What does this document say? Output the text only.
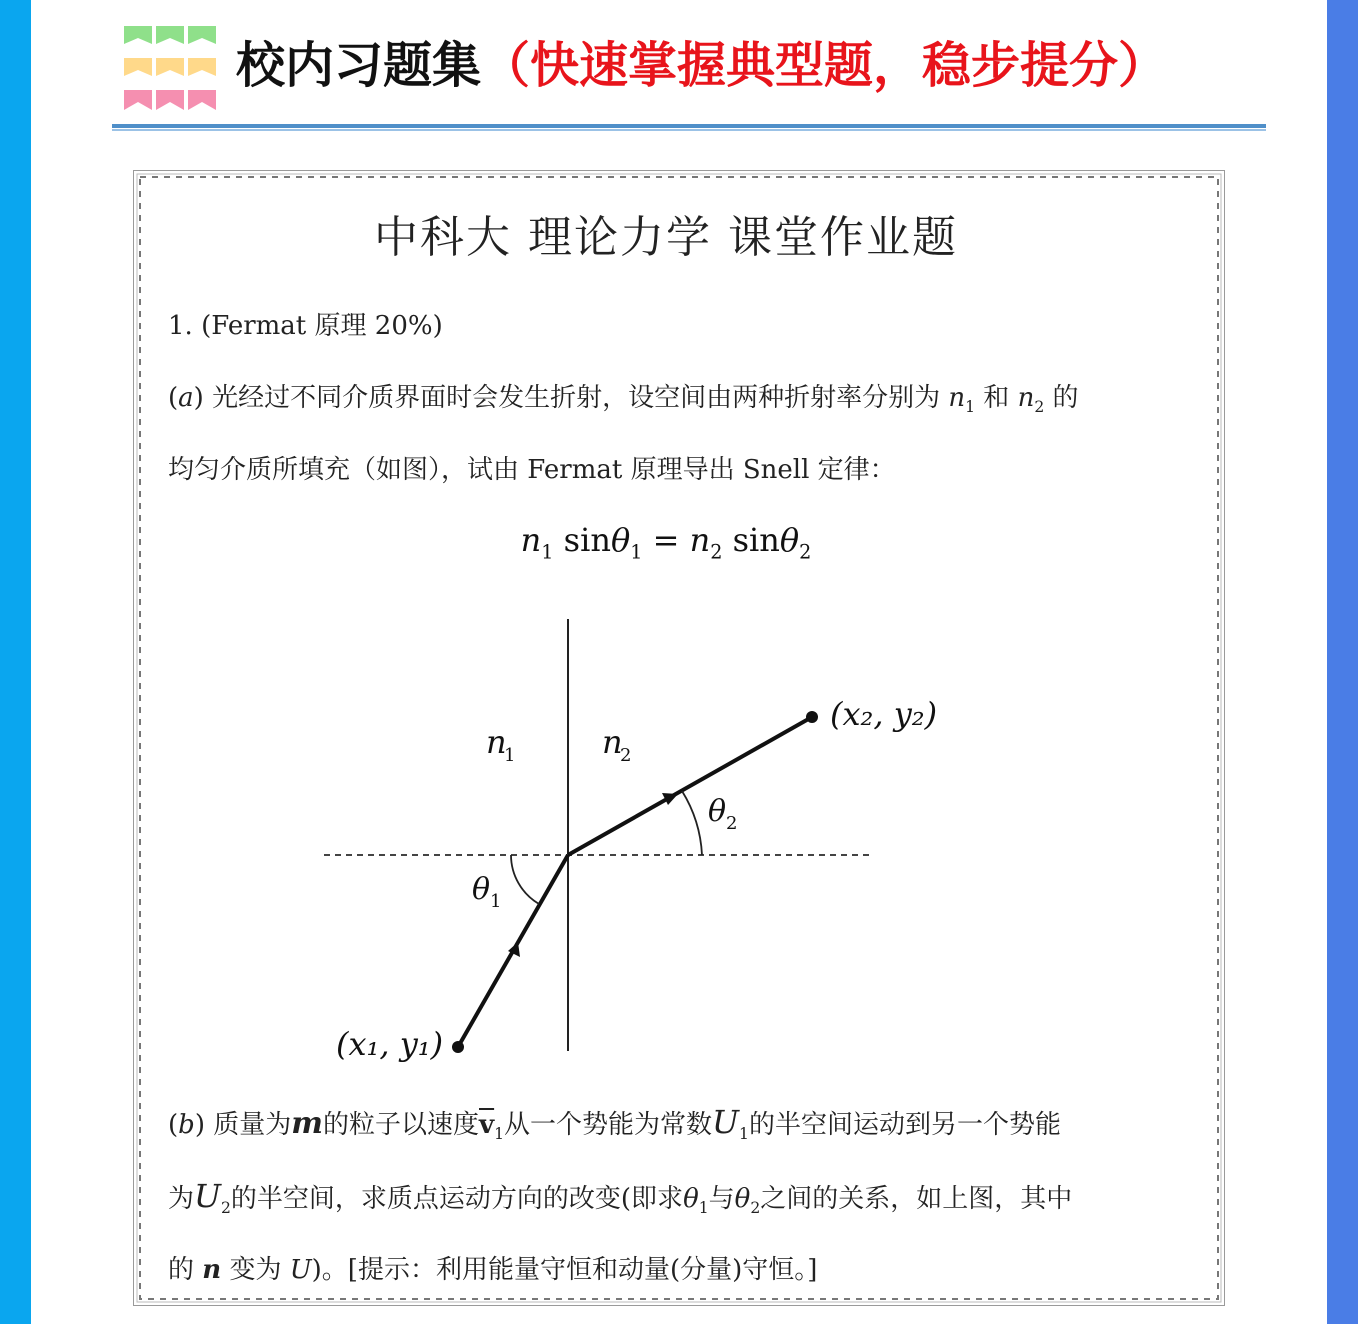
校内习题集（快速掌握典型题，稳步提分）
中科大 理论力学 课堂作业题
1. (Fermat 原理 20%)
(a) 光经过不同介质界面时会发生折射，设空间由两种折射率分别为 $n_1$ 和 $n_2$ 的
均匀介质所填充（如图），试由 Fermat 原理导出 Snell 定律：
$n_1$ $\sin\theta_1 = n_2$ sinθ$_2$
n
1	n
2
θ 1
θ 2
(x₁, y₁)
(x₂, y₂)
(b) 质量为m的粒子以速度$\overline{v}_1$从一个势能为常数$U_1$的半空间运动到另一个势能
为$U_2$的半空间，求质点运动方向的改变(即求$\theta_1$与$\theta_2$之间的关系，如上图，其中
的 n 变为 U)。[提示：利用能量守恒和动量(分量)守恒。]
